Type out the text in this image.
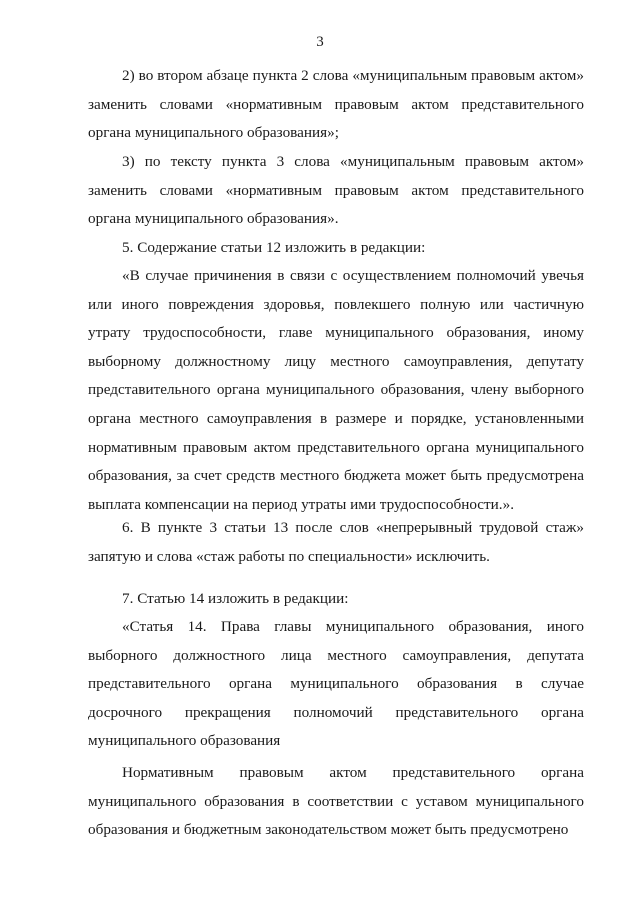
3

2) во втором абзаце пункта 2 слова «муниципальным правовым актом» заменить словами «нормативным правовым актом представительного органа муниципального образования»;

3) по тексту пункта 3 слова «муниципальным правовым актом» заменить словами «нормативным правовым актом представительного органа муниципального образования».

5. Содержание статьи 12 изложить в редакции:

«В случае причинения в связи с осуществлением полномочий увечья или иного повреждения здоровья, повлекшего полную или частичную утрату трудоспособности, главе муниципального образования, иному выборному должностному лицу местного самоуправления, депутату представительного органа муниципального образования, члену выборного органа местного самоуправления в размере и порядке, установленными нормативным правовым актом представительного органа муниципального образования, за счет средств местного бюджета может быть предусмотрена выплата компенсации на период утраты ими трудоспособности.».

6. В пункте 3 статьи 13 после слов «непрерывный трудовой стаж» запятую и слова «стаж работы по специальности» исключить.

7. Статью 14 изложить в редакции:

«Статья 14. Права главы муниципального образования, иного выборного должностного лица местного самоуправления, депутата представительного органа муниципального образования в случае досрочного прекращения полномочий представительного органа муниципального образования

Нормативным правовым актом представительного органа муниципального образования в соответствии с уставом муниципального образования и бюджетным законодательством может быть предусмотрено
